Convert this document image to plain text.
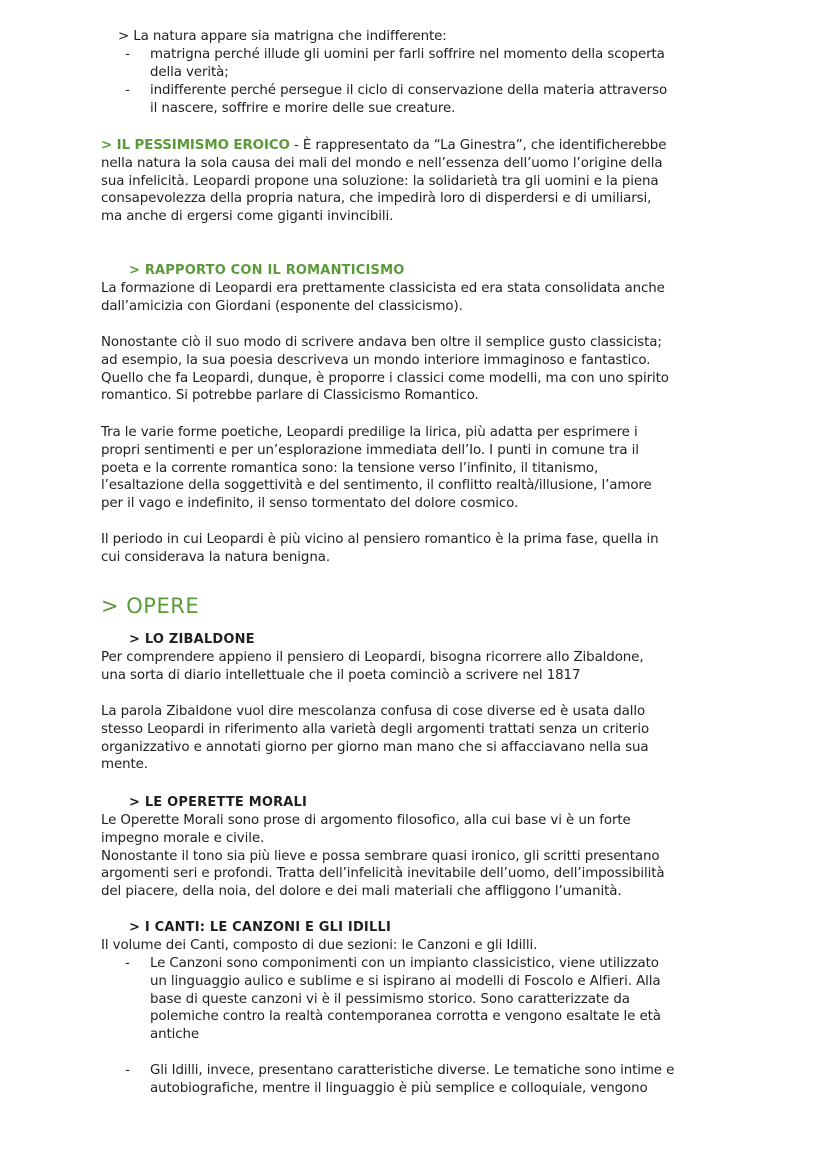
> La natura appare sia matrigna che indifferente:

- matrigna perché illude gli uomini per farli soffrire nel momento della scoperta
della verità;

- indifferente perché persegue il ciclo di conservazione della materia attraverso
il nascere, soffrire e morire delle sue creature.

> IL PESSIMISMO EROICO - È rappresentato da “La Ginestra”, che identificherebbe
nella natura la sola causa dei mali del mondo e nell’essenza dell’uomo l’origine della
sua infelicità. Leopardi propone una soluzione: la solidarietà tra gli uomini e la piena
consapevolezza della propria natura, che impedirà loro di disperdersi e di umiliarsi,
ma anche di ergersi come giganti invincibili.

> RAPPORTO CON IL ROMANTICISMO

La formazione di Leopardi era prettamente classicista ed era stata consolidata anche
dall’amicizia con Giordani (esponente del classicismo).

Nonostante ciò il suo modo di scrivere andava ben oltre il semplice gusto classicista;
ad esempio, la sua poesia descriveva un mondo interiore immaginoso e fantastico.
Quello che fa Leopardi, dunque, è proporre i classici come modelli, ma con uno spirito
romantico. Si potrebbe parlare di Classicismo Romantico.

Tra le varie forme poetiche, Leopardi predilige la lirica, più adatta per esprimere i
propri sentimenti e per un’esplorazione immediata dell’Io. I punti in comune tra il
poeta e la corrente romantica sono: la tensione verso l’infinito, il titanismo,
l’esaltazione della soggettività e del sentimento, il conflitto realtà/illusione, l’amore
per il vago e indefinito, il senso tormentato del dolore cosmico.

Il periodo in cui Leopardi è più vicino al pensiero romantico è la prima fase, quella in
cui considerava la natura benigna.

> OPERE

> LO ZIBALDONE

Per comprendere appieno il pensiero di Leopardi, bisogna ricorrere allo Zibaldone,
una sorta di diario intellettuale che il poeta cominciò a scrivere nel 1817

La parola Zibaldone vuol dire mescolanza confusa di cose diverse ed è usata dallo
stesso Leopardi in riferimento alla varietà degli argomenti trattati senza un criterio
organizzativo e annotati giorno per giorno man mano che si affacciavano nella sua
mente.

> LE OPERETTE MORALI

Le Operette Morali sono prose di argomento filosofico, alla cui base vi è un forte
impegno morale e civile.
Nonostante il tono sia più lieve e possa sembrare quasi ironico, gli scritti presentano
argomenti seri e profondi. Tratta dell’infelicità inevitabile dell’uomo, dell’impossibilità
del piacere, della noia, del dolore e dei mali materiali che affliggono l’umanità.

> I CANTI: LE CANZONI E GLI IDILLI

Il volume dei Canti, composto di due sezioni: le Canzoni e gli Idilli.

- Le Canzoni sono componimenti con un impianto classicistico, viene utilizzato
un linguaggio aulico e sublime e si ispirano ai modelli di Foscolo e Alfieri. Alla
base di queste canzoni vi è il pessimismo storico. Sono caratterizzate da
polemiche contro la realtà contemporanea corrotta e vengono esaltate le età
antiche

- Gli Idilli, invece, presentano caratteristiche diverse. Le tematiche sono intime e
autobiografiche, mentre il linguaggio è più semplice e colloquiale, vengono
